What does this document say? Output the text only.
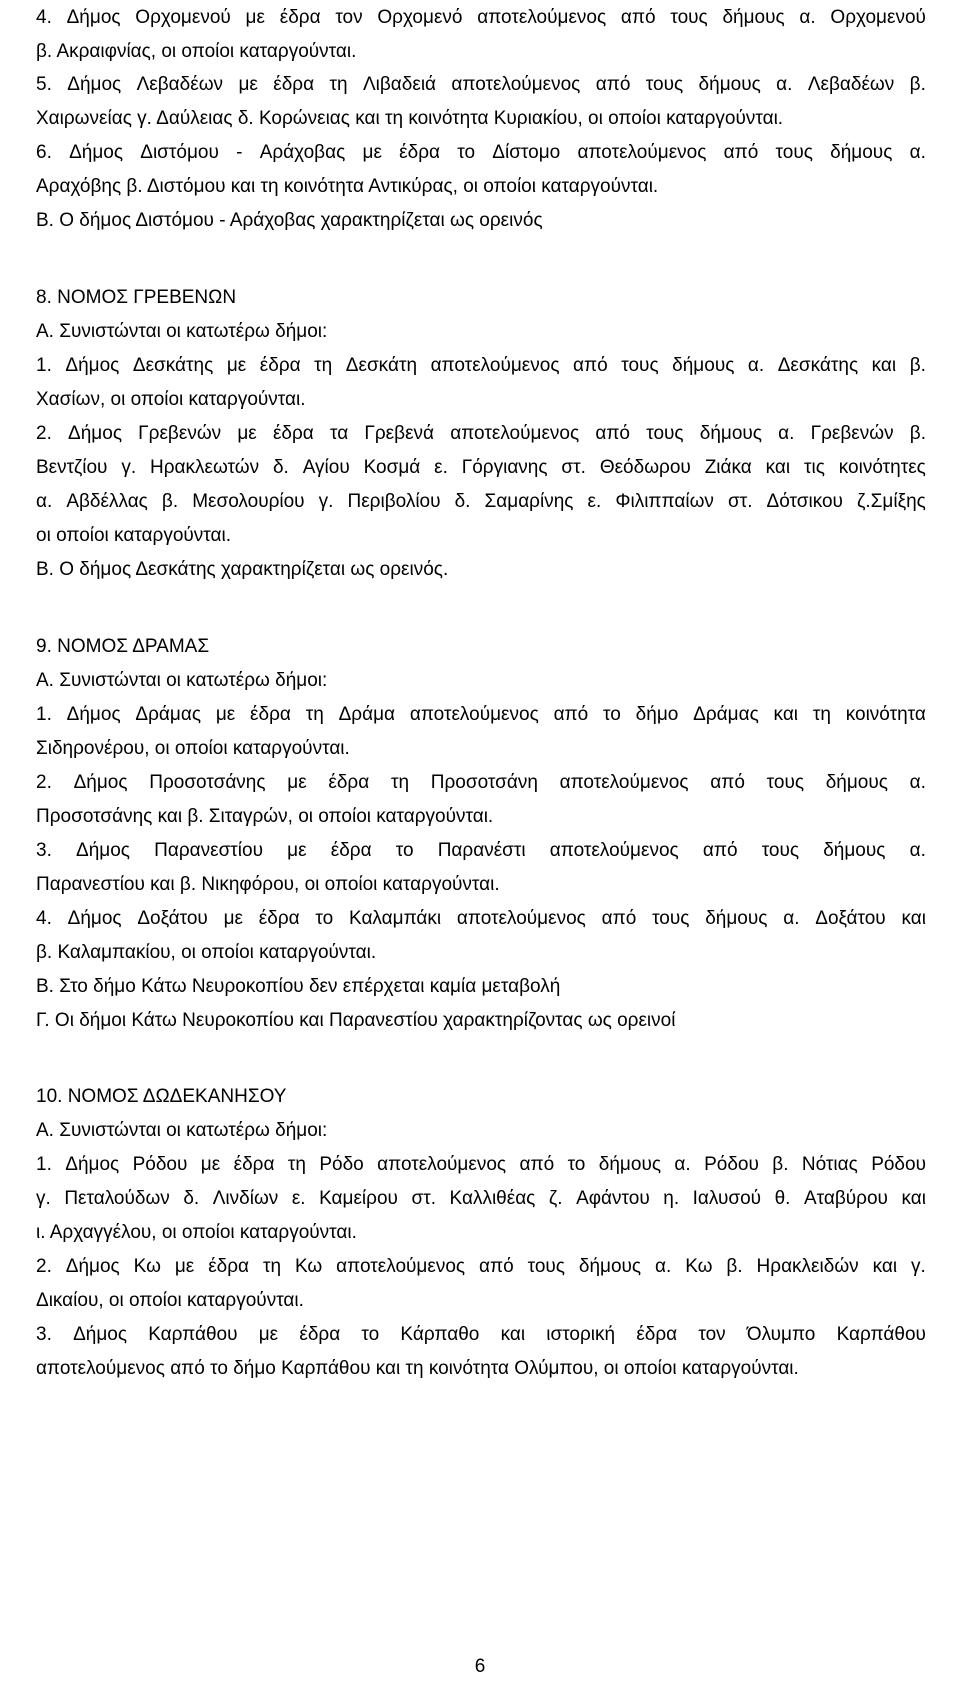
4. Δήμος Ορχομενού με έδρα τον Ορχομενό αποτελούμενος από τους δήμους α. Ορχομενού
β. Ακραιφνίας, οι οποίοι καταργούνται.
5. Δήμος Λεβαδέων με έδρα τη Λιβαδειά αποτελούμενος από τους δήμους α. Λεβαδέων β.
Χαιρωνείας γ. Δαύλειας δ. Κορώνειας και τη κοινότητα Κυριακίου, οι οποίοι καταργούνται.
6. Δήμος Διστόμου - Αράχοβας με έδρα το Δίστομο αποτελούμενος από τους δήμους α.
Αραχόβης β. Διστόμου και τη κοινότητα Αντικύρας, οι οποίοι καταργούνται.
Β. Ο δήμος Διστόμου - Αράχοβας χαρακτηρίζεται ως ορεινός
8. ΝΟΜΟΣ ΓΡΕΒΕΝΩΝ
Α. Συνιστώνται οι κατωτέρω δήμοι:
1. Δήμος Δεσκάτης με έδρα τη Δεσκάτη αποτελούμενος από τους δήμους α. Δεσκάτης και β.
Χασίων, οι οποίοι καταργούνται.
2. Δήμος Γρεβενών με έδρα τα Γρεβενά αποτελούμενος από τους δήμους α. Γρεβενών β.
Βεντζίου γ. Ηρακλεωτών δ. Αγίου Κοσμά ε. Γόργιανης στ. Θεόδωρου Ζιάκα και τις κοινότητες
α. Αβδέλλας β. Μεσολουρίου γ. Περιβολίου δ. Σαμαρίνης ε. Φιλιππαίων στ. Δότσικου ζ.Σμίξης
οι οποίοι καταργούνται.
Β. Ο δήμος Δεσκάτης χαρακτηρίζεται ως ορεινός.
9. ΝΟΜΟΣ ΔΡΑΜΑΣ
Α. Συνιστώνται οι κατωτέρω δήμοι:
1. Δήμος Δράμας με έδρα τη Δράμα αποτελούμενος από το δήμο Δράμας και τη κοινότητα
Σιδηρονέρου, οι οποίοι καταργούνται.
2. Δήμος Προσοτσάνης με έδρα τη Προσοτσάνη αποτελούμενος από τους δήμους α.
Προσοτσάνης και β. Σιταγρών, οι οποίοι καταργούνται.
3. Δήμος Παρανεστίου με έδρα το Παρανέστι αποτελούμενος από τους δήμους α.
Παρανεστίου και β. Νικηφόρου, οι οποίοι καταργούνται.
4. Δήμος Δοξάτου με έδρα το Καλαμπάκι αποτελούμενος από τους δήμους α. Δοξάτου και
β. Καλαμπακίου, οι οποίοι καταργούνται.
Β. Στο δήμο Κάτω Νευροκοπίου δεν επέρχεται καμία μεταβολή
Γ. Οι δήμοι Κάτω Νευροκοπίου και Παρανεστίου χαρακτηρίζοντας ως ορεινοί
10. ΝΟΜΟΣ ΔΩΔΕΚΑΝΗΣΟΥ
Α. Συνιστώνται οι κατωτέρω δήμοι:
1. Δήμος Ρόδου με έδρα τη Ρόδο αποτελούμενος από το δήμους α. Ρόδου β. Νότιας Ρόδου
γ. Πεταλούδων δ. Λινδίων ε. Καμείρου στ. Καλλιθέας ζ. Αφάντου η. Ιαλυσού θ. Αταβύρου και
ι. Αρχαγγέλου, οι οποίοι καταργούνται.
2. Δήμος Κω με έδρα τη Κω αποτελούμενος από τους δήμους α. Κω β. Ηρακλειδών και γ.
Δικαίου, οι οποίοι καταργούνται.
3. Δήμος Καρπάθου με έδρα το Κάρπαθο και ιστορική έδρα τον Όλυμπο Καρπάθου
αποτελούμενος από το δήμο Καρπάθου και τη κοινότητα Ολύμπου, οι οποίοι καταργούνται.
6
